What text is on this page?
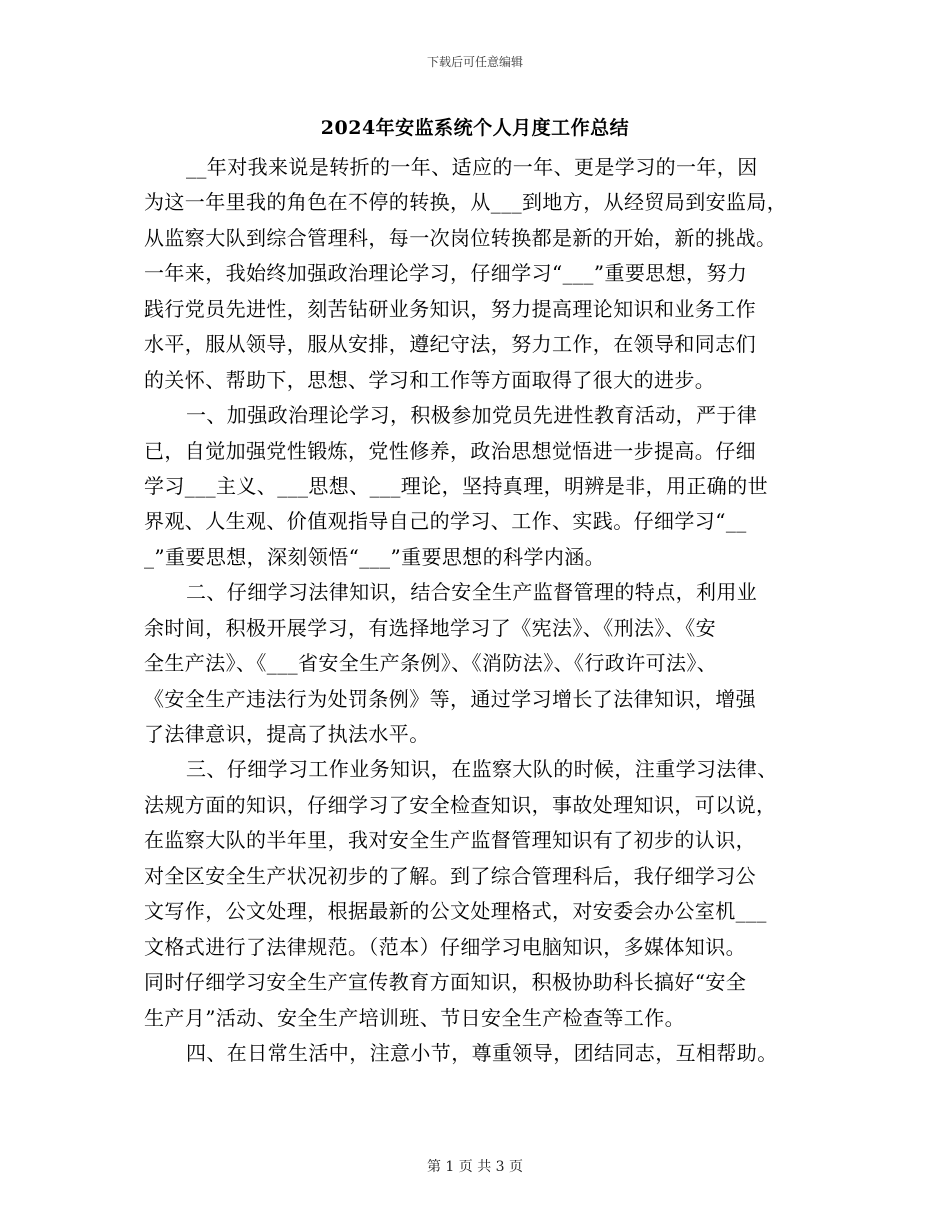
下载后可任意编辑
2024年安监系统个人月度工作总结
__年对我来说是转折的一年、适应的一年、更是学习的一年，因
为这一年里我的角色在不停的转换，从___到地方，从经贸局到安监局，
从监察大队到综合管理科，每一次岗位转换都是新的开始，新的挑战。
一年来，我始终加强政治理论学习，仔细学习“___”重要思想，努力
践行党员先进性，刻苦钻研业务知识，努力提高理论知识和业务工作
水平，服从领导，服从安排，遵纪守法，努力工作，在领导和同志们
的关怀、帮助下，思想、学习和工作等方面取得了很大的进步。
一、加强政治理论学习，积极参加党员先进性教育活动，严于律
已，自觉加强党性锻炼，党性修养，政治思想觉悟进一步提高。仔细
学习___主义、___思想、___理论，坚持真理，明辨是非，用正确的世
界观、人生观、价值观指导自己的学习、工作、实践。仔细学习“__
_”重要思想，深刻领悟“___”重要思想的科学内涵。
二、仔细学习法律知识，结合安全生产监督管理的特点，利用业
余时间，积极开展学习，有选择地学习了《宪法》、《刑法》、《安
全生产法》、《___省安全生产条例》、《消防法》、《行政许可法》、
《安全生产违法行为处罚条例》等，通过学习增长了法律知识，增强
了法律意识，提高了执法水平。
三、仔细学习工作业务知识，在监察大队的时候，注重学习法律、
法规方面的知识，仔细学习了安全检查知识，事故处理知识，可以说，
在监察大队的半年里，我对安全生产监督管理知识有了初步的认识，
对全区安全生产状况初步的了解。到了综合管理科后，我仔细学习公
文写作，公文处理，根据最新的公文处理格式，对安委会办公室机___
文格式进行了法律规范。（范本）仔细学习电脑知识，多媒体知识。
同时仔细学习安全生产宣传教育方面知识，积极协助科长搞好“安全
生产月”活动、安全生产培训班、节日安全生产检查等工作。
四、在日常生活中，注意小节，尊重领导，团结同志，互相帮助。
第 1 页 共 3 页
